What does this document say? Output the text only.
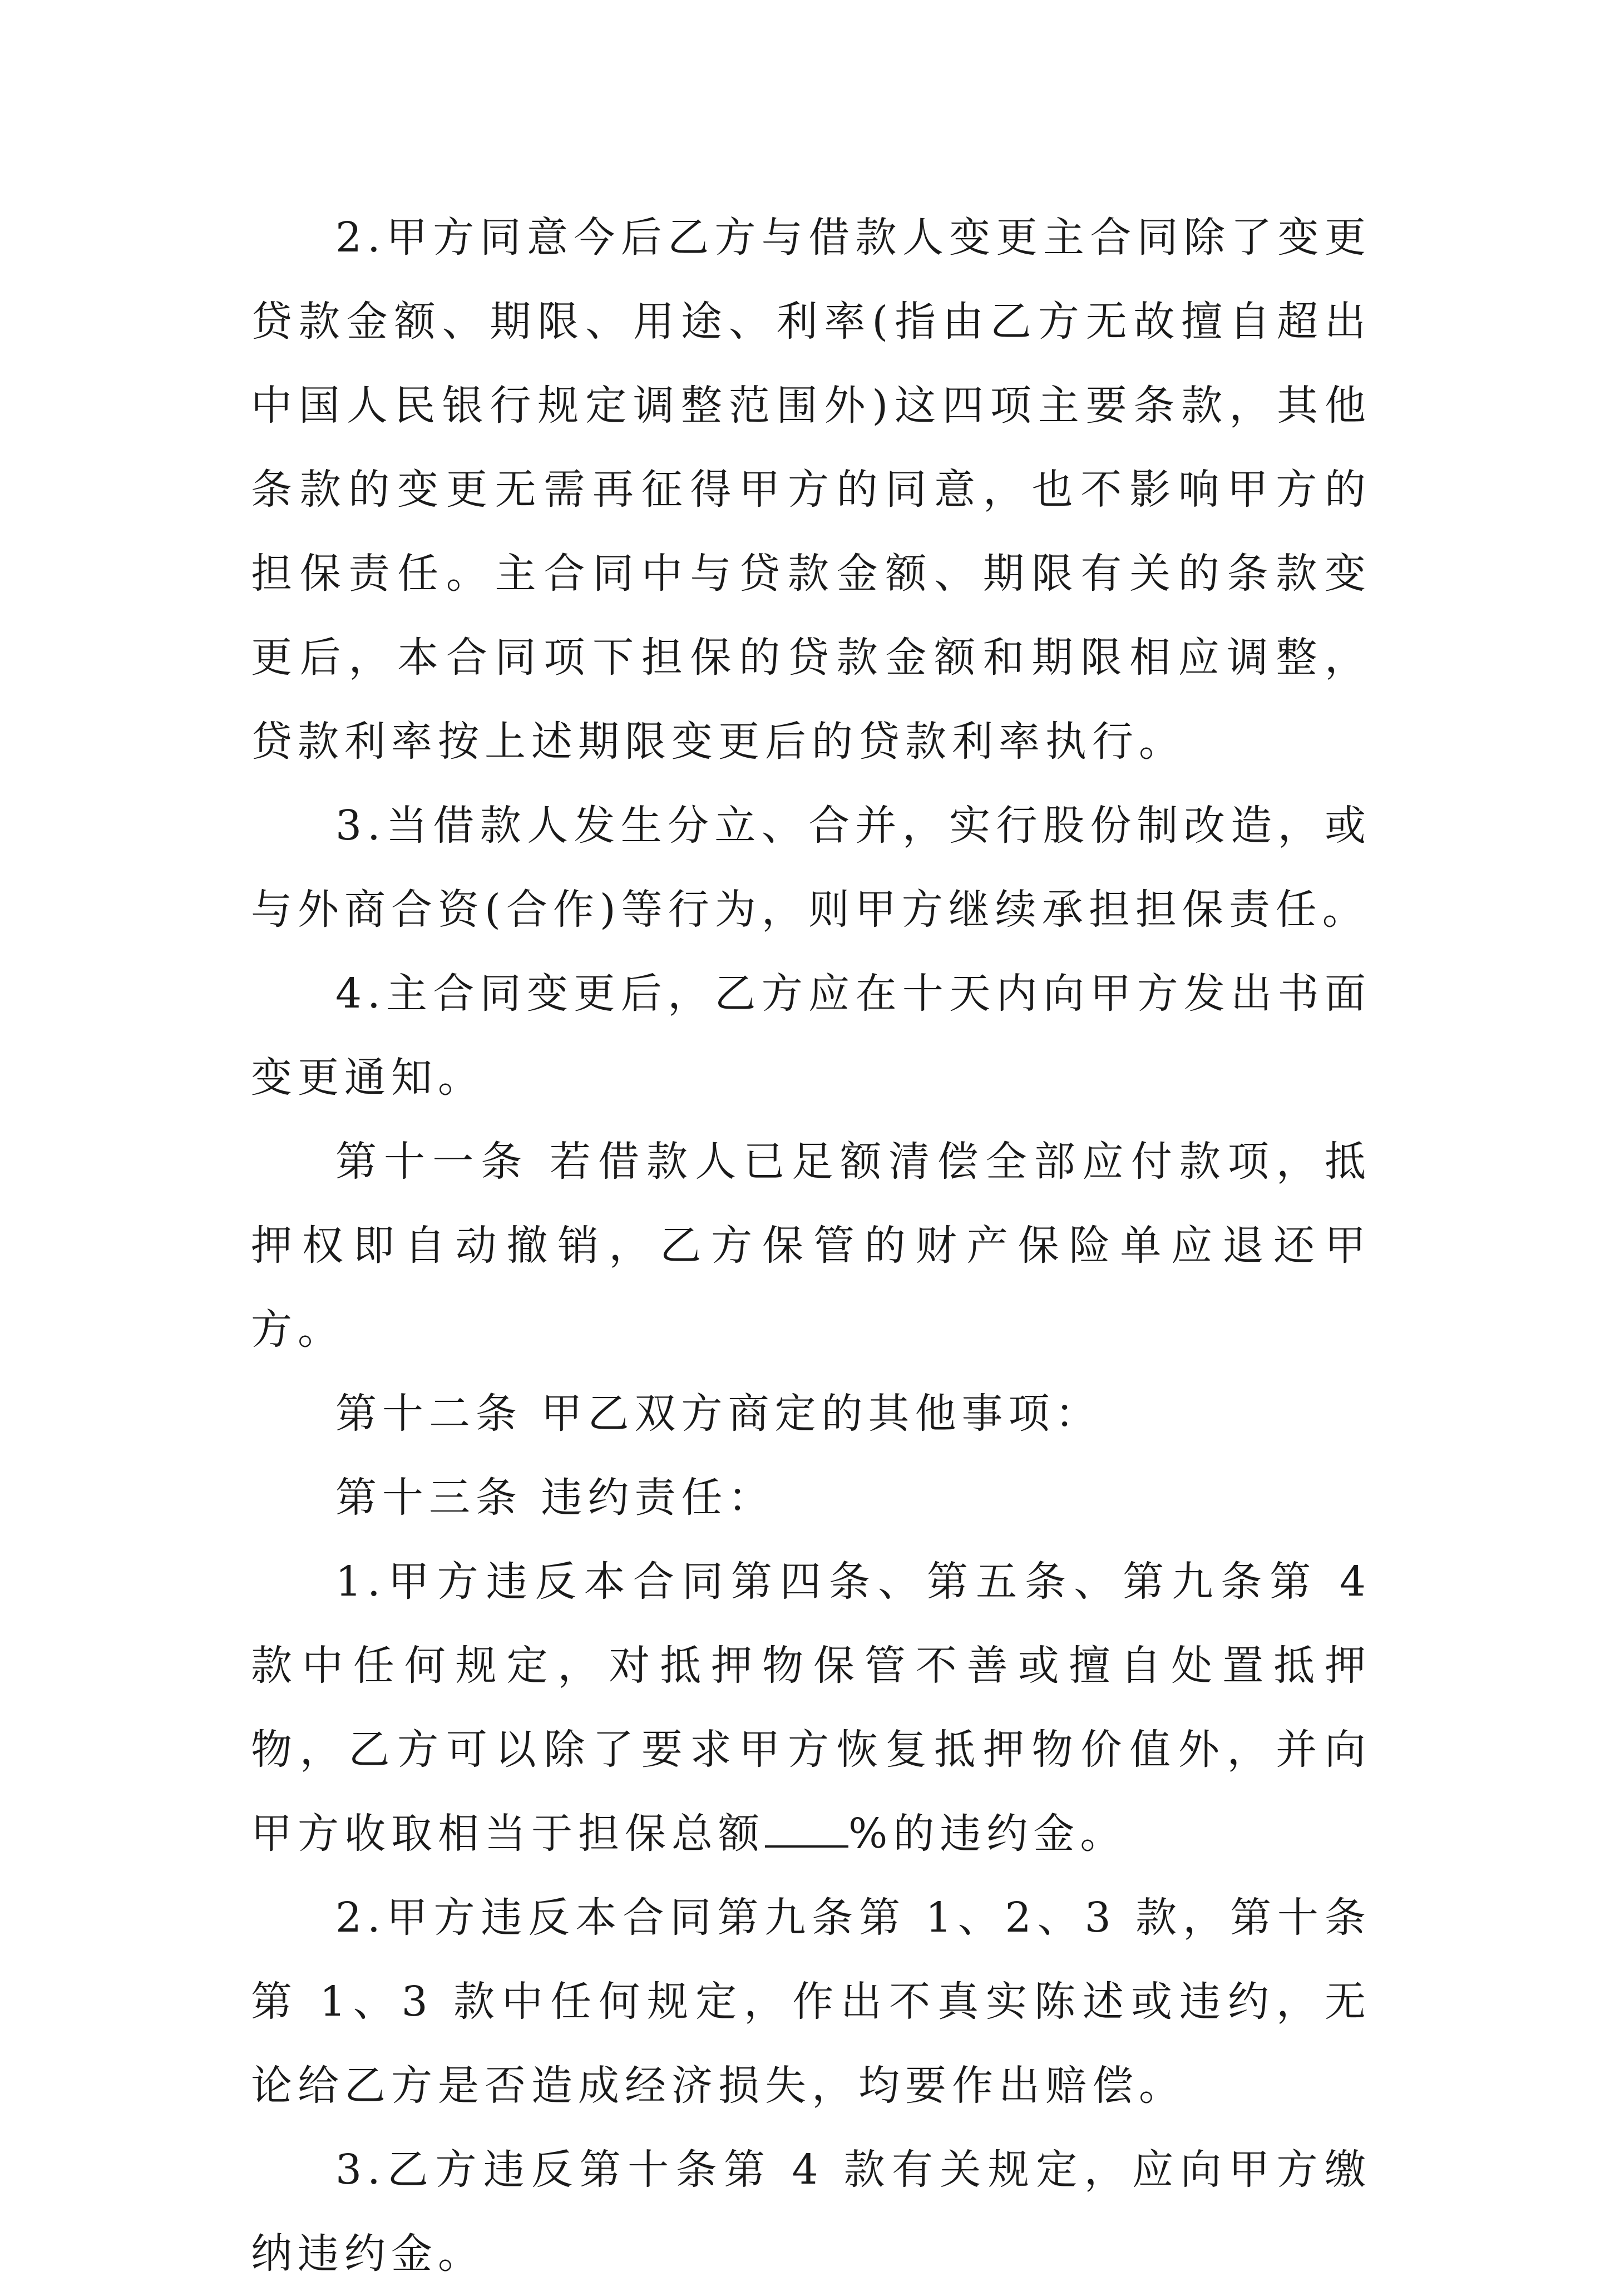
2.甲方同意今后乙方与借款人变更主合同除了变更贷款金额、期限、用途、利率(指由乙方无故擅自超出中国人民银行规定调整范围外)这四项主要条款，其他条款的变更无需再征得甲方的同意，也不影响甲方的担保责任。主合同中与贷款金额、期限有关的条款变更后，本合同项下担保的贷款金额和期限相应调整，贷款利率按上述期限变更后的贷款利率执行。

3.当借款人发生分立、合并，实行股份制改造，或与外商合资(合作)等行为，则甲方继续承担担保责任。

4.主合同变更后，乙方应在十天内向甲方发出书面变更通知。

第十一条 若借款人已足额清偿全部应付款项，抵押权即自动撤销，乙方保管的财产保险单应退还甲方。

第十二条 甲乙双方商定的其他事项：

第十三条 违约责任：

1.甲方违反本合同第四条、第五条、第九条第 4 款中任何规定，对抵押物保管不善或擅自处置抵押物，乙方可以除了要求甲方恢复抵押物价值外，并向甲方收取相当于担保总额 %的违约金。

2.甲方违反本合同第九条第 1、2、3 款，第十条第 1、3 款中任何规定，作出不真实陈述或违约，无论给乙方是否造成经济损失，均要作出赔偿。

3.乙方违反第十条第 4 款有关规定，应向甲方缴纳违约金。
